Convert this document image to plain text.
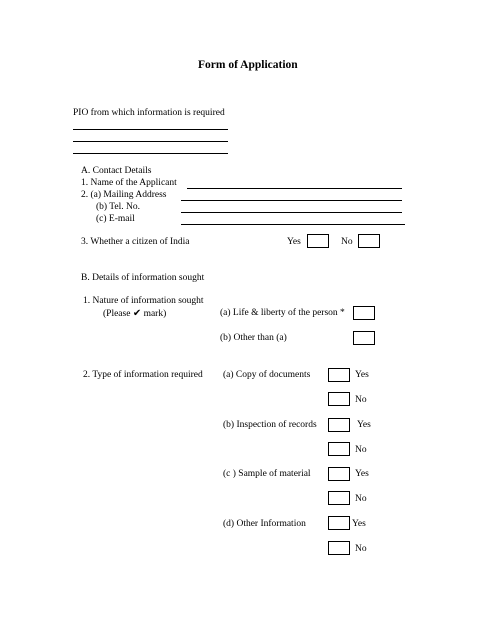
Form of Application
PIO from which information is required
A. Contact Details
1. Name of the Applicant
2. (a) Mailing Address
(b) Tel. No.
(c) E-mail
3. Whether a citizen of India	Yes	No
B. Details of information sought
1. Nature of information sought
(Please ✔ mark)	(a) Life & liberty of the person *
(b) Other than (a)
2. Type of information required (a) Copy of documents	Yes
No
(b) Inspection of records	Yes
No
(c ) Sample of material	Yes
No
(d) Other Information	Yes
No
